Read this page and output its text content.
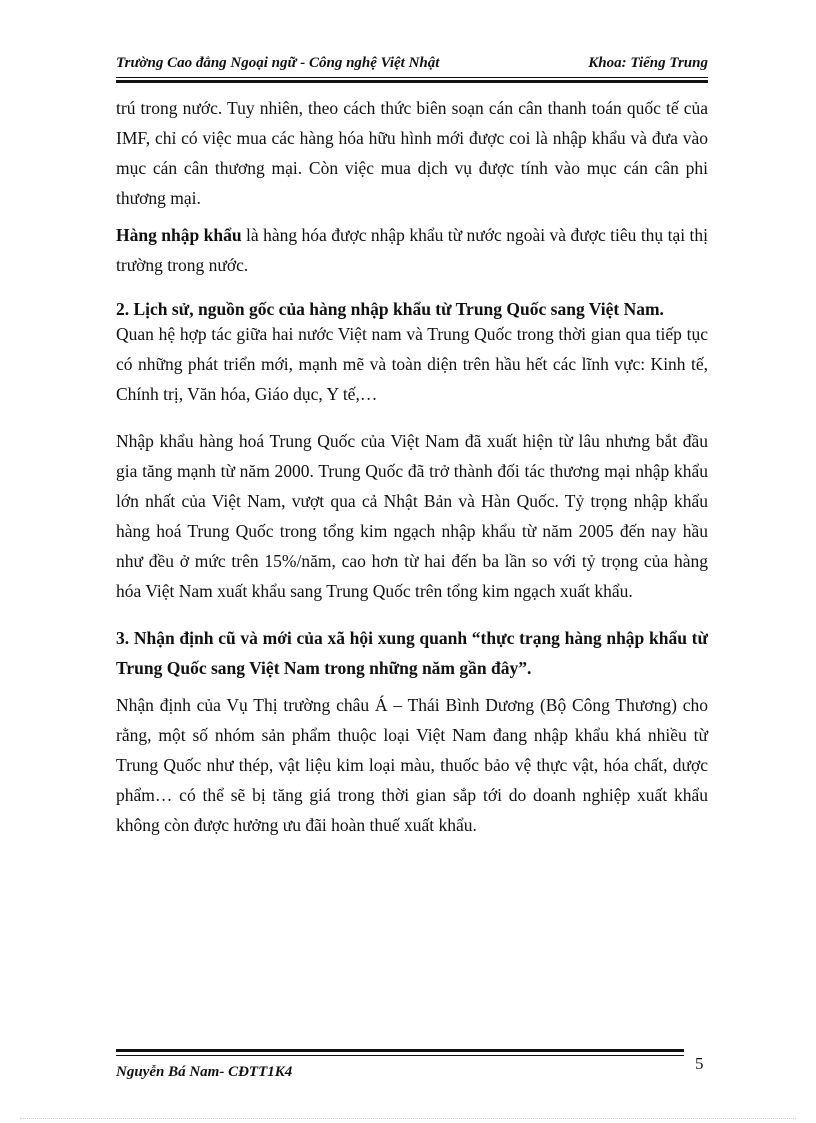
Trường Cao đẳng Ngoại ngữ - Công nghệ Việt Nhật	Khoa: Tiếng Trung

trú trong nước. Tuy nhiên, theo cách thức biên soạn cán cân thanh toán quốc tế của IMF, chỉ có việc mua các hàng hóa hữu hình mới được coi là nhập khẩu và đưa vào mục cán cân thương mại. Còn việc mua dịch vụ được tính vào mục cán cân phi thương mại.

Hàng nhập khẩu là hàng hóa được nhập khẩu từ nước ngoài và được tiêu thụ tại thị trường trong nước.

2. Lịch sử, nguồn gốc của hàng nhập khẩu từ Trung Quốc sang Việt Nam.

Quan hệ hợp tác giữa hai nước Việt nam và Trung Quốc trong thời gian qua tiếp tục có những phát triển mới, mạnh mẽ và toàn diện trên hầu hết các lĩnh vực: Kinh tế, Chính trị, Văn hóa, Giáo dục, Y tế,…

Nhập khẩu hàng hoá Trung Quốc của Việt Nam đã xuất hiện từ lâu nhưng bắt đầu gia tăng mạnh từ năm 2000. Trung Quốc đã trở thành đối tác thương mại nhập khẩu lớn nhất của Việt Nam, vượt qua cả Nhật Bản và Hàn Quốc. Tỷ trọng nhập khẩu hàng hoá Trung Quốc trong tổng kim ngạch nhập khẩu từ năm 2005 đến nay hầu như đều ở mức trên 15%/năm, cao hơn từ hai đến ba lần so với tỷ trọng của hàng hóa Việt Nam xuất khẩu sang Trung Quốc trên tổng kim ngạch xuất khẩu.

3. Nhận định cũ và mới của xã hội xung quanh “thực trạng hàng nhập khẩu từ Trung Quốc sang Việt Nam trong những năm gần đây”.

Nhận định của Vụ Thị trường châu Á – Thái Bình Dương (Bộ Công Thương) cho rằng, một số nhóm sản phẩm thuộc loại Việt Nam đang nhập khẩu khá nhiều từ Trung Quốc như thép, vật liệu kim loại màu, thuốc bảo vệ thực vật, hóa chất, dược phẩm… có thể sẽ bị tăng giá trong thời gian sắp tới do doanh nghiệp xuất khẩu không còn được hưởng ưu đãi hoàn thuế xuất khẩu.

Nguyễn Bá Nam- CĐTT1K4	5
